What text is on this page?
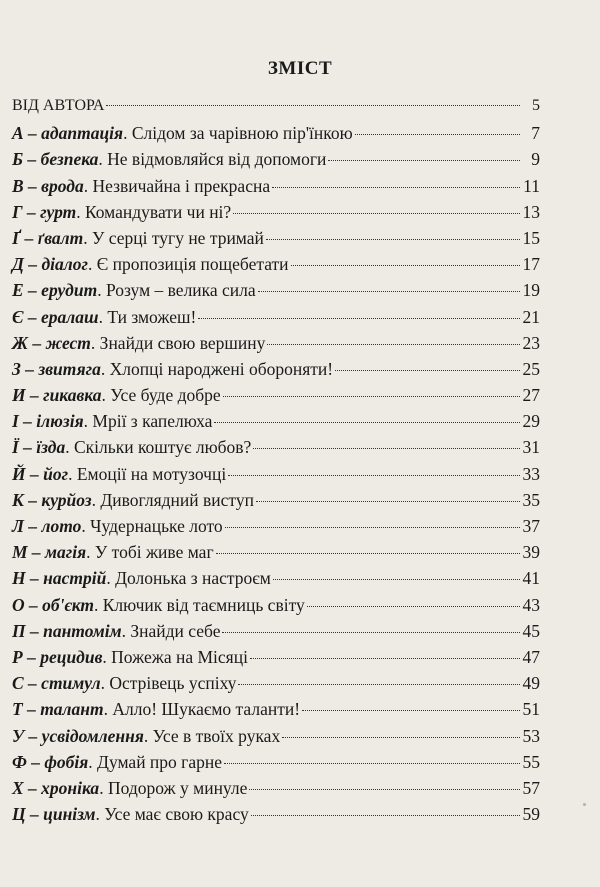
ЗМІСТ
ВІД АВТОРА	5
А – адаптація. Слідом за чарівною пір'їнкою	7
Б – безпека. Не відмовляйся від допомоги	9
В – врода. Незвичайна і прекрасна	11
Г – гурт. Командувати чи ні?	13
Ґ – ґвалт. У серці тугу не тримай	15
Д – діалог. Є пропозиція пощебетати	17
Е – ерудит. Розум – велика сила	19
Є – ералаш. Ти зможеш!	21
Ж – жест. Знайди свою вершину	23
З – звитяга. Хлопці народжені обороняти!	25
И – гикавка. Усе буде добре	27
І – ілюзія. Мрії з капелюха	29
Ї – їзда. Скільки коштує любов?	31
Й – йог. Емоції на мотузочці	33
К – курйоз. Дивоглядний виступ	35
Л – лото. Чудернацьке лото	37
М – магія. У тобі живе маг	39
Н – настрій. Долонька з настроєм	41
О – об'єкт. Ключик від таємниць світу	43
П – пантомім. Знайди себе	45
Р – рецидив. Пожежа на Місяці	47
С – стимул. Острівець успіху	49
Т – талант. Алло! Шукаємо таланти!	51
У – усвідомлення. Усе в твоїх руках	53
Ф – фобія. Думай про гарне	55
Х – хроніка. Подорож у минуле	57
Ц – цинізм. Усе має свою красу	59
